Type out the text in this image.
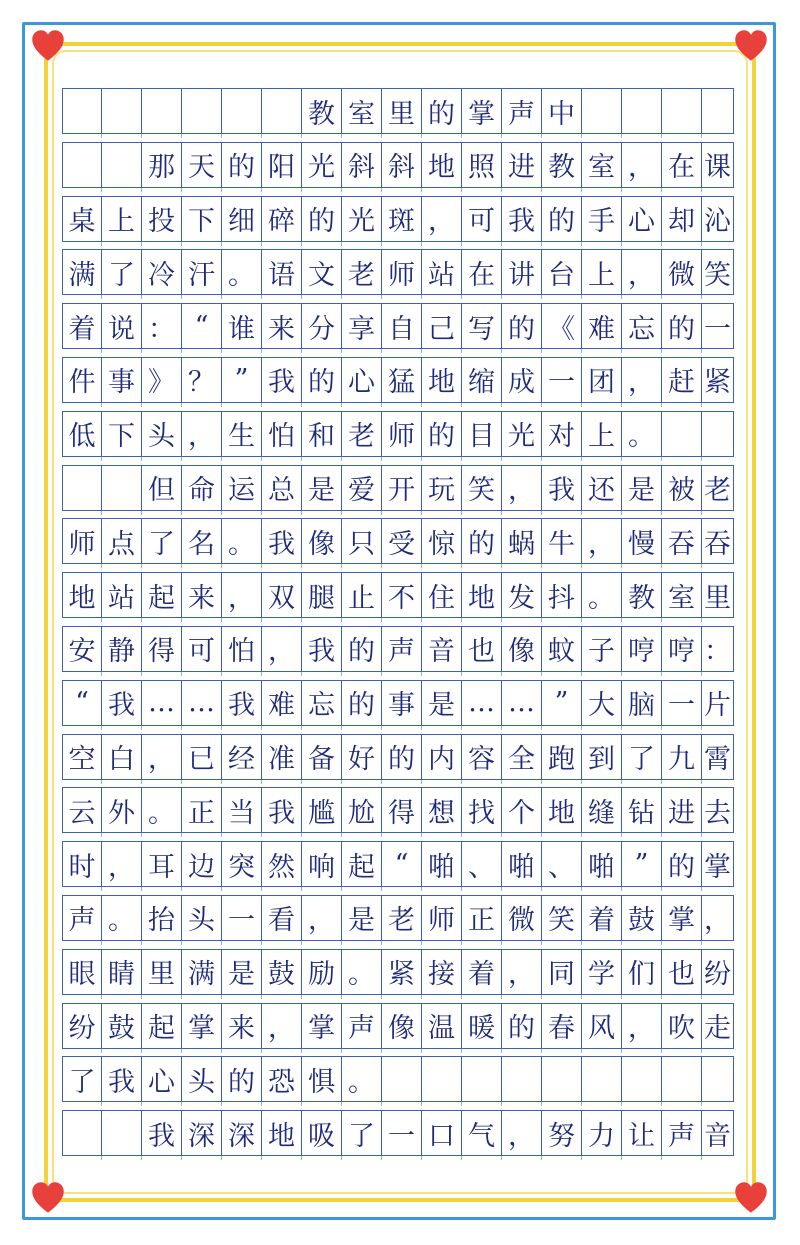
教 室 里 的 掌 声 中
那 天 的 阳 光 斜 斜 地 照 进 教 室 ， 在 课
桌 上 投 下 细 碎 的 光 斑 ， 可 我 的 手 心 却 沁
满 了 冷 汗 。 语 文 老 师 站 在 讲 台 上 ， 微 笑
着 说 ： “ 谁 来 分 享 自 己 写 的 《 难 忘 的 一
件 事 》 ？ ” 我 的 心 猛 地 缩 成 一 团 ， 赶 紧
低 下 头 ， 生 怕 和 老 师 的 目 光 对 上 。
但 命 运 总 是 爱 开 玩 笑 ， 我 还 是 被 老
师 点 了 名 。 我 像 只 受 惊 的 蜗 牛 ， 慢 吞 吞
地 站 起 来 ， 双 腿 止 不 住 地 发 抖 。 教 室 里
安 静 得 可 怕 ， 我 的 声 音 也 像 蚊 子 哼 哼 ：
“ 我 … … 我 难 忘 的 事 是 … … ” 大 脑 一 片
空 白 ， 已 经 准 备 好 的 内 容 全 跑 到 了 九 霄
云 外 。 正 当 我 尴 尬 得 想 找 个 地 缝 钻 进 去
时 ， 耳 边 突 然 响 起 “ 啪 、 啪 、 啪 ” 的 掌
声 。 抬 头 一 看 ， 是 老 师 正 微 笑 着 鼓 掌 ，
眼 睛 里 满 是 鼓 励 。 紧 接 着 ， 同 学 们 也 纷
纷 鼓 起 掌 来 ， 掌 声 像 温 暖 的 春 风 ， 吹 走
了 我 心 头 的 恐 惧 。
我 深 深 地 吸 了 一 口 气 ， 努 力 让 声 音
